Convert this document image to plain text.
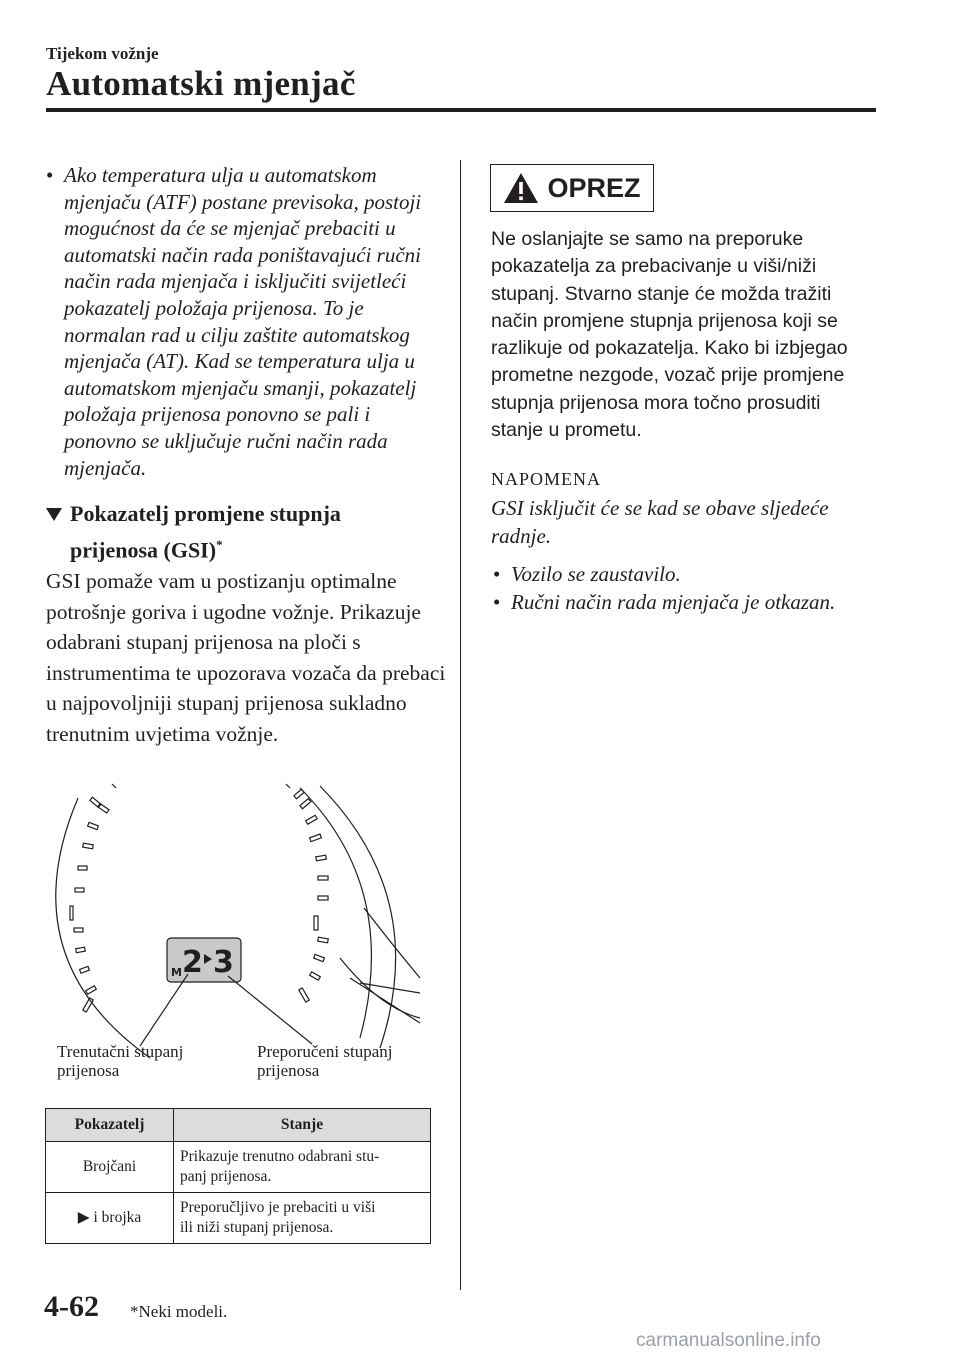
Tijekom vožnje
Automatski mjenjač
• Ako temperatura ulja u automatskom mjenjaču (ATF) postane previsoka, postoji mogućnost da će se mjenjač prebaciti u automatski način rada poništavajući ručni način rada mjenjača i isključiti svijetleći pokazatelj položaja prijenosa. To je normalan rad u cilju zaštite automatskog mjenjača (AT). Kad se temperatura ulja u automatskom mjenjaču smanji, pokazatelj položaja prijenosa ponovno se pali i ponovno se uključuje ručni način rada mjenjača.
Pokazatelj promjene stupnja
prijenosa (GSI)*
GSI pomaže vam u postizanju optimalne potrošnje goriva i ugodne vožnje. Prikazuje odabrani stupanj prijenosa na ploči s instrumentima te upozorava vozača da prebaci u najpovoljniji stupanj prijenosa sukladno trenutnim uvjetima vožnje.
M 2 3
Trenutačni stupanj
prijenosa
Preporučeni stupanj
prijenosa
Pokazatelj	Stanje
Brojčani	Prikazuje trenutno odabrani stu-
panj prijenosa.

▶ i brojka	Preporučljivo je prebaciti u viši
ili niži stupanj prijenosa.
OPREZ
Ne oslanjajte se samo na preporuke pokazatelja za prebacivanje u viši/niži stupanj. Stvarno stanje će možda tražiti način promjene stupnja prijenosa koji se razlikuje od pokazatelja. Kako bi izbjegao prometne nezgode, vozač prije promjene stupnja prijenosa mora točno prosuditi stanje u prometu.
NAPOMENA
GSI isključit će se kad se obave sljedeće radnje.
• Vozilo se zaustavilo.
• Ručni način rada mjenjača je otkazan.
4-62 *Neki modeli.
carmanualsonline.info
